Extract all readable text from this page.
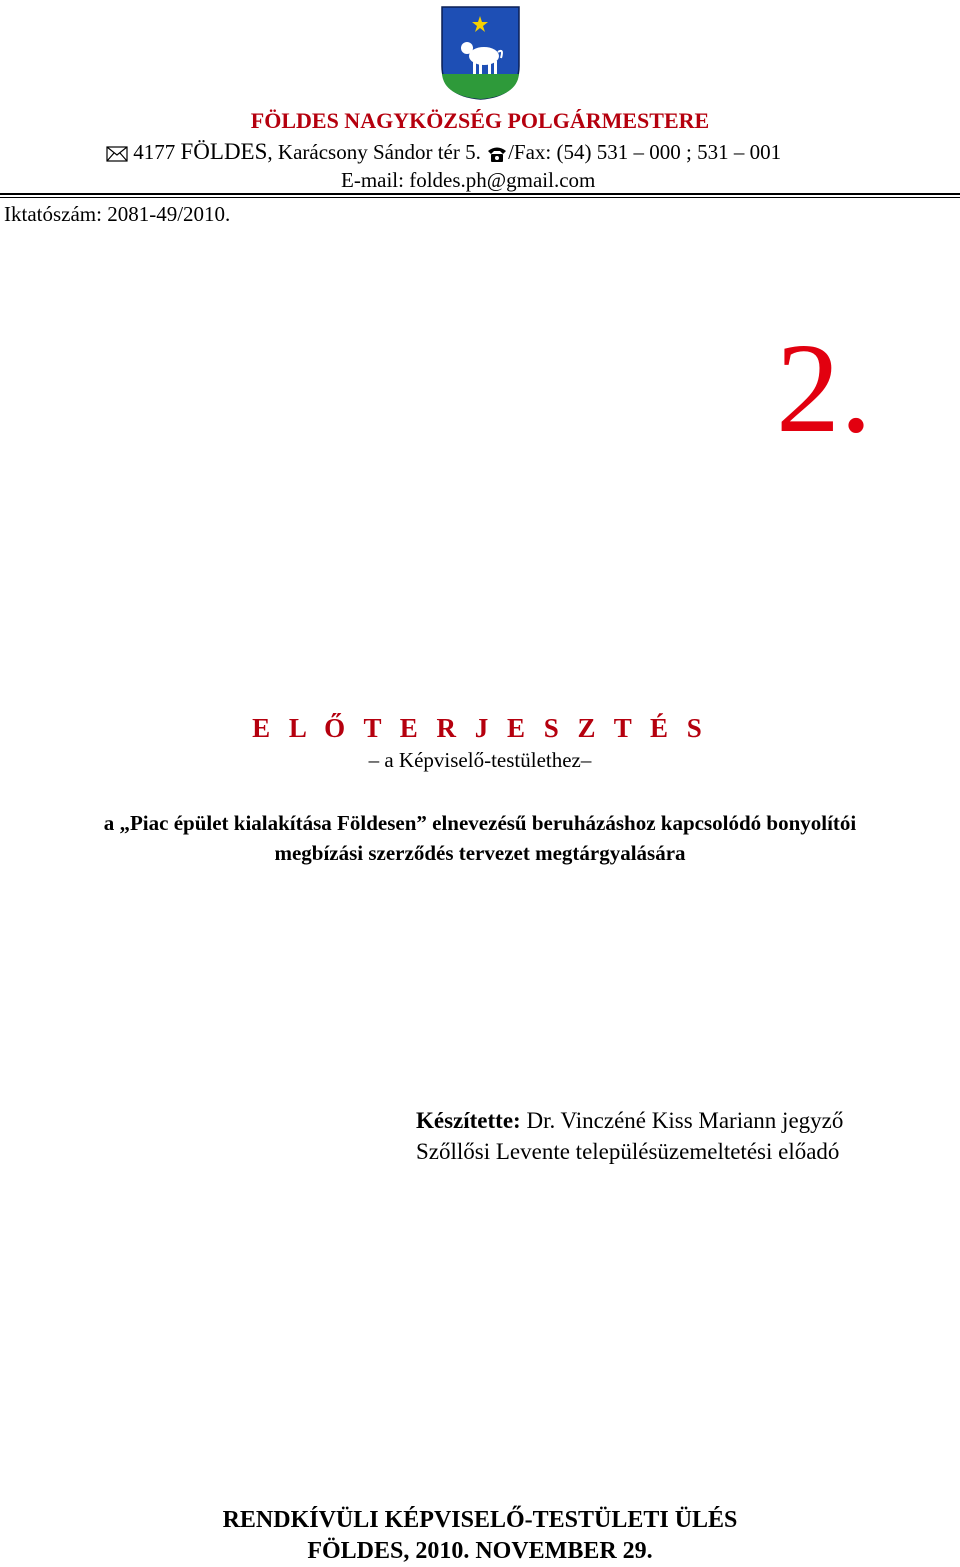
FÖLDES NAGYKÖZSÉG POLGÁRMESTERE
4177 FÖLDES, Karácsony Sándor tér 5. /Fax: (54) 531 – 000 ; 531 – 001
E-mail: foldes.ph@gmail.com
Iktatószám: 2081-49/2010.
2.
E L Ő T E R J E S Z T É S
– a Képviselő-testülethez–
a „Piac épület kialakítása Földesen” elnevezésű beruházáshoz kapcsolódó bonyolítói
megbízási szerződés tervezet megtárgyalására
Készítette: Dr. Vinczéné Kiss Mariann jegyző
Szőllősi Levente településüzemeltetési előadó
RENDKÍVÜLI KÉPVISELŐ-TESTÜLETI ÜLÉS
FÖLDES, 2010. NOVEMBER 29.
